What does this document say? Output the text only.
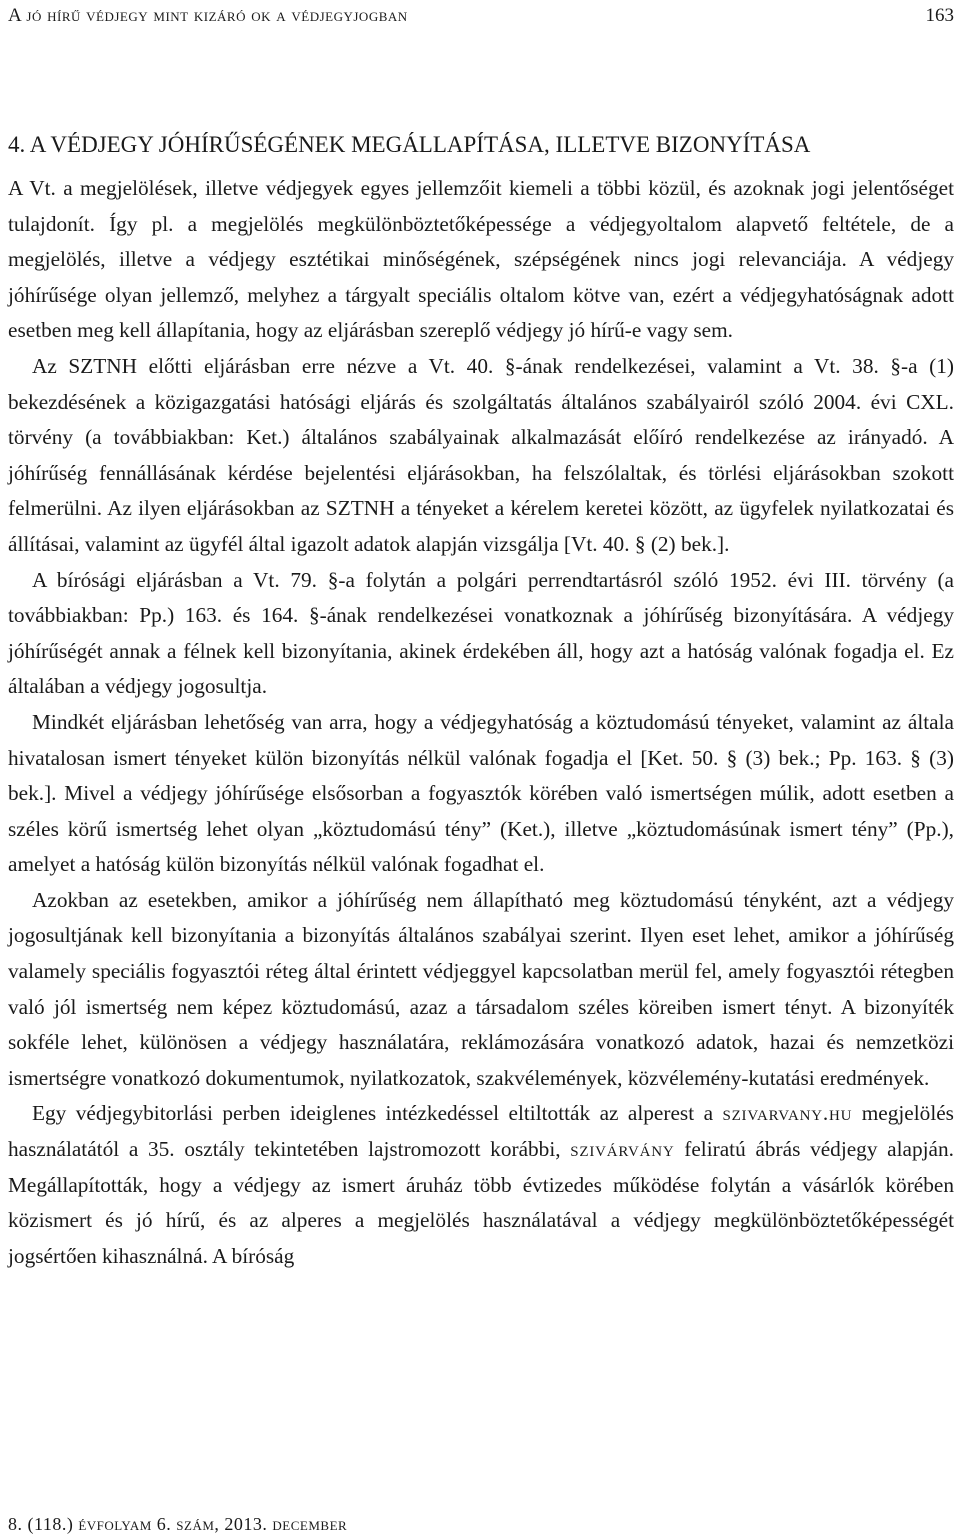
A jó hírű védjegy mint kizáró ok a védjegyjogban	163
4. A VÉDJEGY JÓHÍRŰSÉGÉNEK MEGÁLLAPÍTÁSA, ILLETVE BIZONYÍTÁSA

A Vt. a megjelölések, illetve védjegyek egyes jellemzőit kiemeli a többi közül, és azoknak jogi jelentőséget tulajdonít. Így pl. a megjelölés megkülönböztetőképessége a védjegyoltalom alapvető feltétele, de a megjelölés, illetve a védjegy esztétikai minőségének, szépségének nincs jogi relevanciája. A védjegy jóhírűsége olyan jellemző, melyhez a tárgyalt speciális oltalom kötve van, ezért a védjegyhatóságnak adott esetben meg kell állapítania, hogy az eljárásban szereplő védjegy jó hírű-e vagy sem.

Az SZTNH előtti eljárásban erre nézve a Vt. 40. §-ának rendelkezései, valamint a Vt. 38. §-a (1) bekezdésének a közigazgatási hatósági eljárás és szolgáltatás általános szabályairól szóló 2004. évi CXL. törvény (a továbbiakban: Ket.) általános szabályainak alkalmazását előíró rendelkezése az irányadó. A jóhírűség fennállásának kérdése bejelentési eljárásokban, ha felszólaltak, és törlési eljárásokban szokott felmerülni. Az ilyen eljárásokban az SZTNH a tényeket a kérelem keretei között, az ügyfelek nyilatkozatai és állításai, valamint az ügyfél által igazolt adatok alapján vizsgálja [Vt. 40. § (2) bek.].

A bírósági eljárásban a Vt. 79. §-a folytán a polgári perrendtartásról szóló 1952. évi III. törvény (a továbbiakban: Pp.) 163. és 164. §-ának rendelkezései vonatkoznak a jóhírűség bizonyítására. A védjegy jóhírűségét annak a félnek kell bizonyítania, akinek érdekében áll, hogy azt a hatóság valónak fogadja el. Ez általában a védjegy jogosultja.

Mindkét eljárásban lehetőség van arra, hogy a védjegyhatóság a köztudomású tényeket, valamint az általa hivatalosan ismert tényeket külön bizonyítás nélkül valónak fogadja el [Ket. 50. § (3) bek.; Pp. 163. § (3) bek.]. Mivel a védjegy jóhírűsége elsősorban a fogyasztók körében való ismertségen múlik, adott esetben a széles körű ismertség lehet olyan „köztudomású tény” (Ket.), illetve „köztudomásúnak ismert tény” (Pp.), amelyet a hatóság külön bizonyítás nélkül valónak fogadhat el.

Azokban az esetekben, amikor a jóhírűség nem állapítható meg köztudomású tényként, azt a védjegy jogosultjának kell bizonyítania a bizonyítás általános szabályai szerint. Ilyen eset lehet, amikor a jóhírűség valamely speciális fogyasztói réteg által érintett védjeggyel kapcsolatban merül fel, amely fogyasztói rétegben való jól ismertség nem képez köztudomású, azaz a társadalom széles köreiben ismert tényt. A bizonyíték sokféle lehet, különösen a védjegy használatára, reklámozására vonatkozó adatok, hazai és nemzetközi ismertségre vonatkozó dokumentumok, nyilatkozatok, szakvélemények, közvélemény-kutatási eredmények.

Egy védjegybitorlási perben ideiglenes intézkedéssel eltiltották az alperest a szivarvany.hu megjelölés használatától a 35. osztály tekintetében lajstromozott korábbi, szivárvány feliratú ábrás védjegy alapján. Megállapították, hogy a védjegy az ismert áruház több évtizedes működése folytán a vásárlók körében közismert és jó hírű, és az alperes a megjelölés használatával a védjegy megkülönböztetőképességét jogsértően kihasználná. A bíróság

8. (118.) évfolyam 6. szám, 2013. december
